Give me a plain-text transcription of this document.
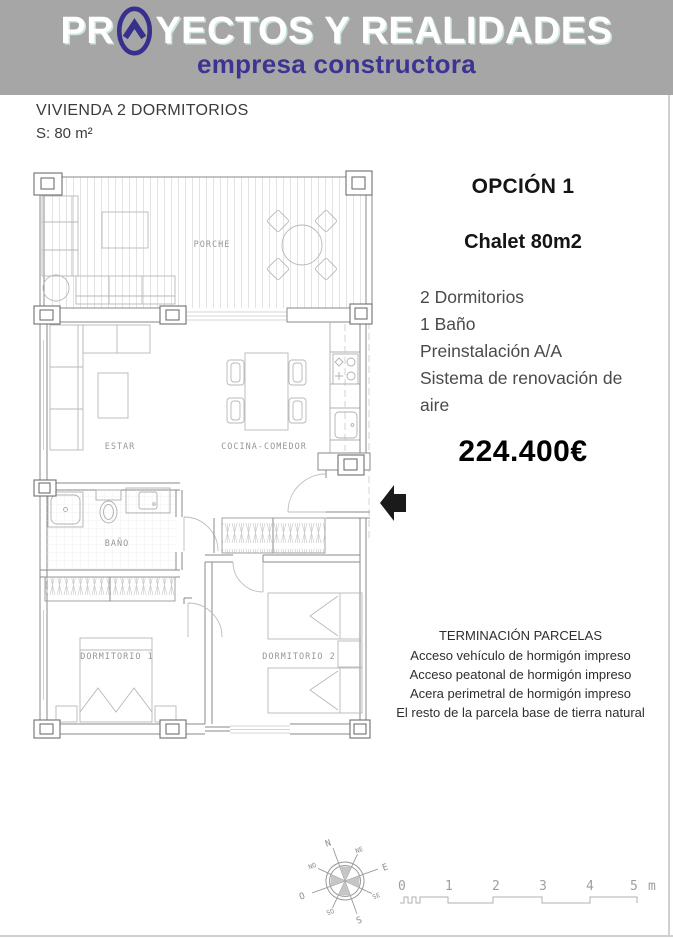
PR YECTOS Y REALIDADES
empresa constructora
VIVIENDA 2 DORMITORIOS
S: 80 m²
PORCHE
ESTAR	COCINA-COMEDOR
BAÑO
DORMITORIO 1	DORMITORIO 2
OPCIÓN 1
Chalet 80m2
2 Dormitorios
1 Baño
Preinstalación A/A
Sistema de renovación de aire
224.400€
TERMINACIÓN PARCELAS
Acceso vehículo de hormigón impreso
Acceso peatonal de hormigón impreso
Acera perimetral de hormigón impreso
El resto de la parcela base de tierra natural
N
NE
E
SE
S
SO
O
NO
0	1	2	3	4	5 m
